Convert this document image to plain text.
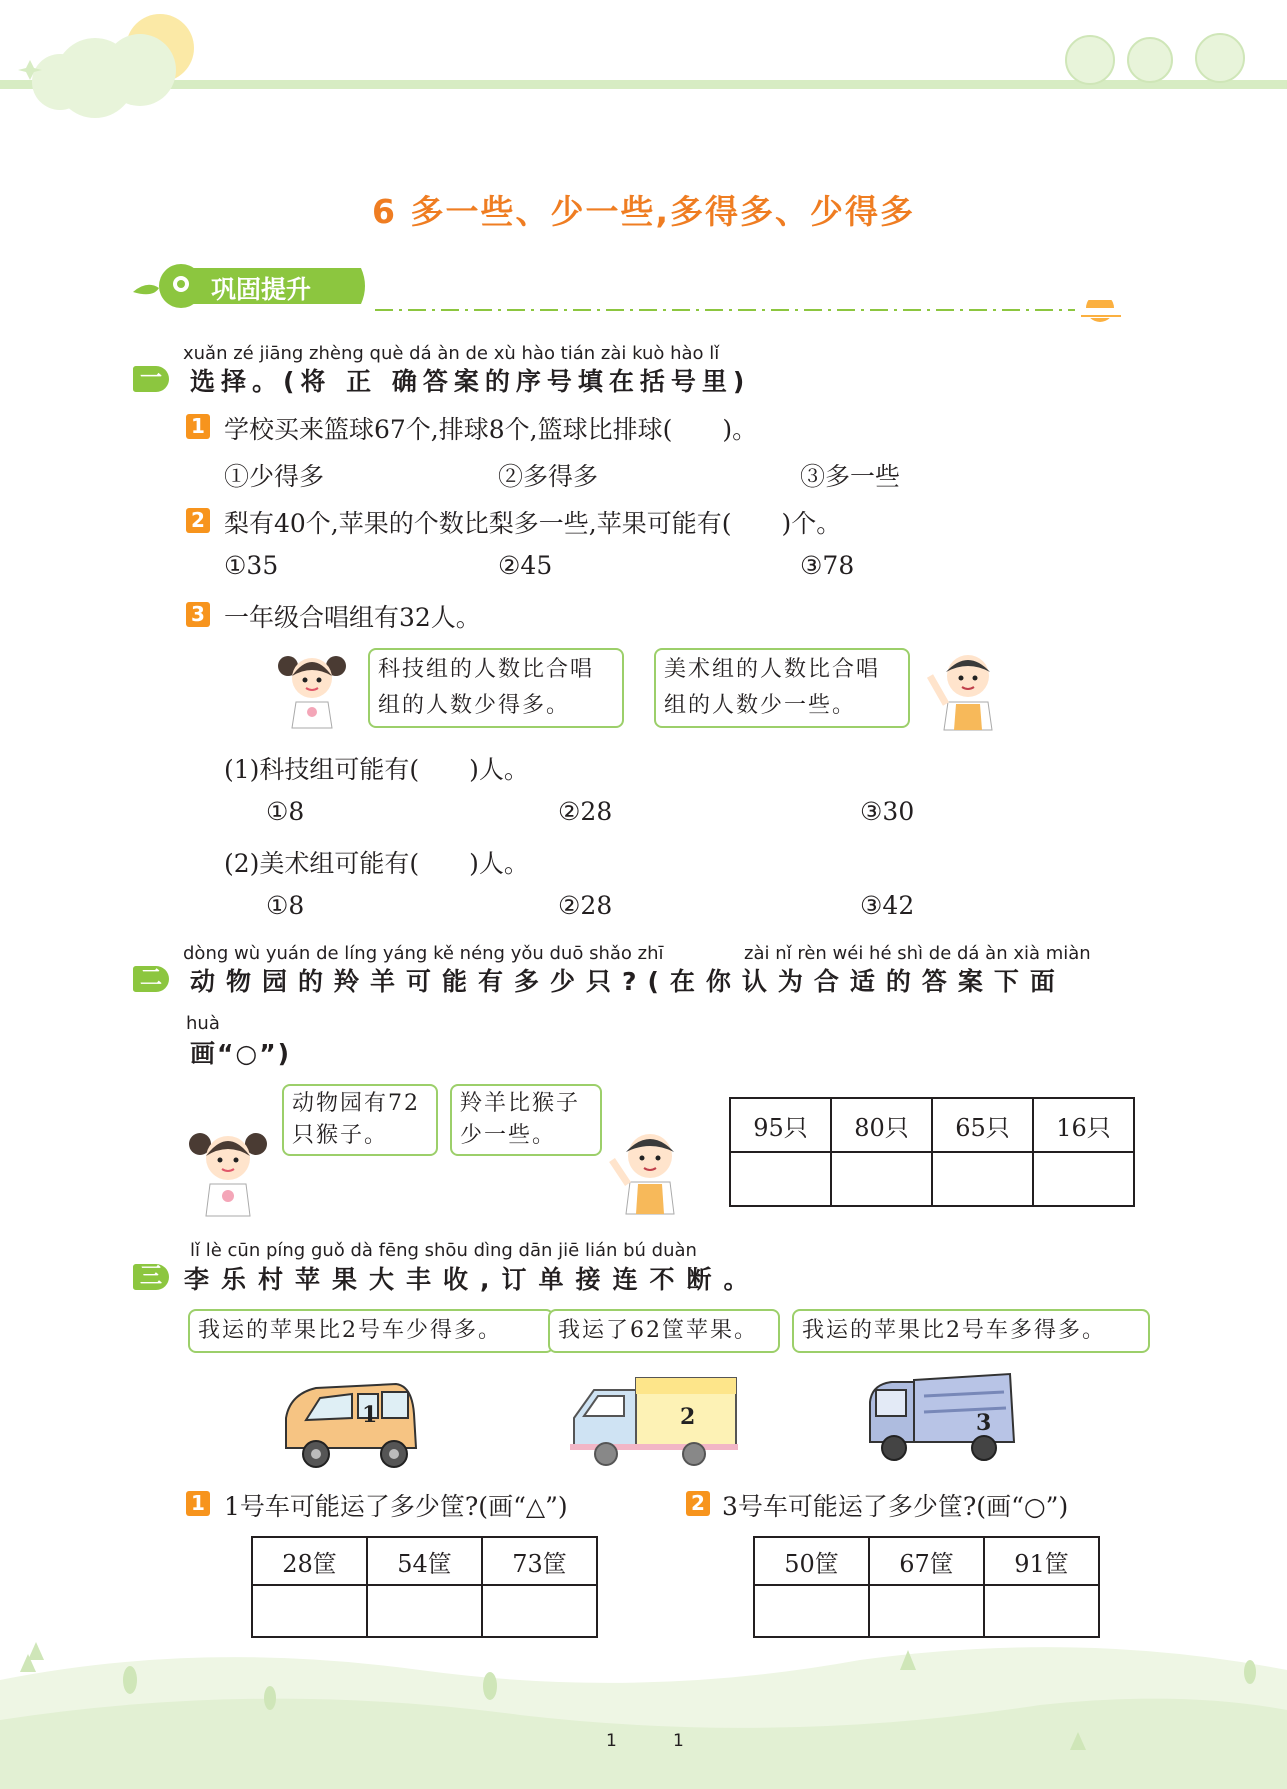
6 多一些、少一些,多得多、少得多
巩固提升
xuǎn zé jiāng zhèng què dá àn de xù hào tián zài kuò hào lǐ
一 选择。(将 正 确答案的序号填在括号里)
1 学校买来篮球67个,排球8个,篮球比排球(　　)。
①少得多	②多得多	③多一些
2 梨有40个,苹果的个数比梨多一些,苹果可能有(　　)个。
①35	②45	③78
3 一年级合唱组有32人。
科技组的人数比合唱
组的人数少得多。
美术组的人数比合唱
组的人数少一些。
(1)科技组可能有(　　)人。
①8	②28	③30
(2)美术组可能有(　　)人。
①8	②28	③42
dòng wù yuán de líng yáng kě néng yǒu duō shǎo zhī	zài nǐ rèn wéi hé shì de dá àn xià miàn
二 动物园的羚羊可能有多少只?(在你认为合适的答案下面
huà
画“○”)
动物园有72
只猴子。
羚羊比猴子
少一些。	95只	80只	65只	16只

lǐ lè cūn píng guǒ dà fēng shōu dìng dān jiē lián bú duàn
三 李乐村苹果大丰收,订单接连不断。
我运的苹果比2号车少得多。	我运了62筐苹果。	我运的苹果比2号车多得多。
1	2	3
1 1号车可能运了多少筐?(画“△”)	2 3号车可能运了多少筐?(画“○”)
28筐	54筐	73筐
			50筐	67筐	91筐

1	1
